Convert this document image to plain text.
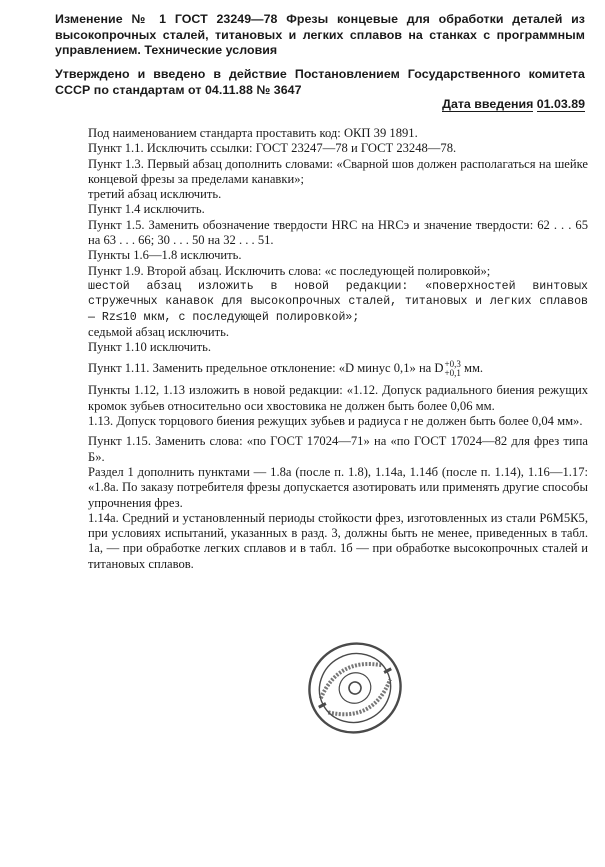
Изменение № 1 ГОСТ 23249—78 Фрезы концевые для обработки деталей из высокопрочных сталей, титановых и легких сплавов на станках с программным управлением. Технические условия
Утверждено и введено в действие Постановлением Государственного комитета СССР по стандартам от 04.11.88 № 3647
Дата введения 01.03.89

Под наименованием стандарта проставить код: ОКП 39 1891.

Пункт 1.1. Исключить ссылки: ГОСТ 23247—78 и ГОСТ 23248—78.

Пункт 1.3. Первый абзац дополнить словами: «Сварной шов должен располагаться на шейке концевой фрезы за пределами канавки»;

третий абзац исключить.

Пункт 1.4 исключить.

Пункт 1.5. Заменить обозначение твердости HRC на HRCэ и значение твердости: 62 . . . 65 на 63 . . . 66; 30 . . . 50 на 32 . . . 51.

Пункты 1.6—1.8 исключить.

Пункт 1.9. Второй абзац. Исключить слова: «с последующей полировкой»;

шестой абзац изложить в новой редакции: «поверхностей винтовых стружечных канавок для высокопрочных сталей, титановых и легких сплавов — Rz≤10 мкм, с последующей полировкой»;

седьмой абзац исключить.

Пункт 1.10 исключить.

Пункт 1.11. Заменить предельное отклонение: «D минус 0,1» на D +0,3
+0,1 мм.

Пункты 1.12, 1.13 изложить в новой редакции: «1.12. Допуск радиального биения режущих кромок зубьев относительно оси хвостовика не должен быть более 0,06 мм.

1.13. Допуск торцового биения режущих зубьев и радиуса r не должен быть более 0,04 мм».

Пункт 1.15. Заменить слова: «по ГОСТ 17024—71» на «по ГОСТ 17024—82 для фрез типа Б».

Раздел 1 дополнить пунктами — 1.8а (после п. 1.8), 1.14а, 1.14б (после п. 1.14), 1.16—1.17: «1.8а. По заказу потребителя фрезы допускается азотировать или применять другие способы упрочнения фрез.

1.14а. Средний и установленный периоды стойкости фрез, изготовленных из стали Р6М5К5, при условиях испытаний, указанных в разд. 3, должны быть не менее, приведенных в табл. 1а, — при обработке легких сплавов и в табл. 1б — при обработке высокопрочных сталей и титановых сплавов.
